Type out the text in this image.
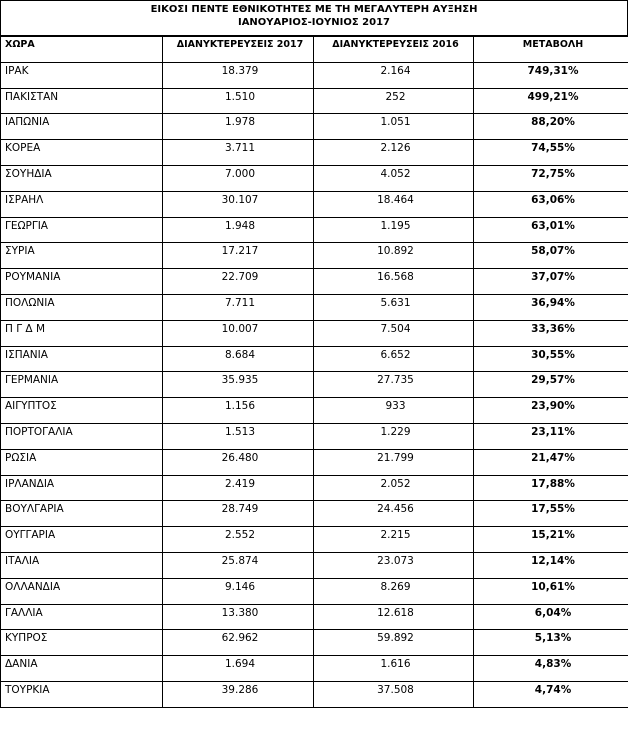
ΕΙΚΟΣΙ ΠΕΝΤΕ ΕΘΝΙΚΟΤΗΤΕΣ ΜΕ ΤΗ ΜΕΓΑΛΥΤΕΡΗ ΑΥΞΗΣΗ
ΙΑΝΟΥΑΡΙΟΣ-ΙΟΥΝΙΟΣ 2017
ΧΩΡΑ	ΔΙΑΝΥΚΤΕΡΕΥΣΕΙΣ 2017	ΔΙΑΝΥΚΤΕΡΕΥΣΕΙΣ 2016	ΜΕΤΑΒΟΛΗ
ΙΡΑΚ	18.379	2.164	749,31%
ΠΑΚΙΣΤΑΝ	1.510	252	499,21%
ΙΑΠΩΝΙΑ	1.978	1.051	88,20%
ΚΟΡΕΑ	3.711	2.126	74,55%
ΣΟΥΗΔΙΑ	7.000	4.052	72,75%
ΙΣΡΑΗΛ	30.107	18.464	63,06%
ΓΕΩΡΓΙΑ	1.948	1.195	63,01%
ΣΥΡΙΑ	17.217	10.892	58,07%
ΡΟΥΜΑΝΙΑ	22.709	16.568	37,07%
ΠΟΛΩΝΙΑ	7.711	5.631	36,94%
Π Γ Δ Μ	10.007	7.504	33,36%
ΙΣΠΑΝΙΑ	8.684	6.652	30,55%
ΓΕΡΜΑΝΙΑ	35.935	27.735	29,57%
ΑΙΓΥΠΤΟΣ	1.156	933	23,90%
ΠΟΡΤΟΓΑΛΙΑ	1.513	1.229	23,11%
ΡΩΣΙΑ	26.480	21.799	21,47%
ΙΡΛΑΝΔΙΑ	2.419	2.052	17,88%
ΒΟΥΛΓΑΡΙΑ	28.749	24.456	17,55%
ΟΥΓΓΑΡΙΑ	2.552	2.215	15,21%
ΙΤΑΛΙΑ	25.874	23.073	12,14%
ΟΛΛΑΝΔΙΑ	9.146	8.269	10,61%
ΓΑΛΛΙΑ	13.380	12.618	6,04%
ΚΥΠΡΟΣ	62.962	59.892	5,13%
ΔΑΝΙΑ	1.694	1.616	4,83%
ΤΟΥΡΚΙΑ	39.286	37.508	4,74%
